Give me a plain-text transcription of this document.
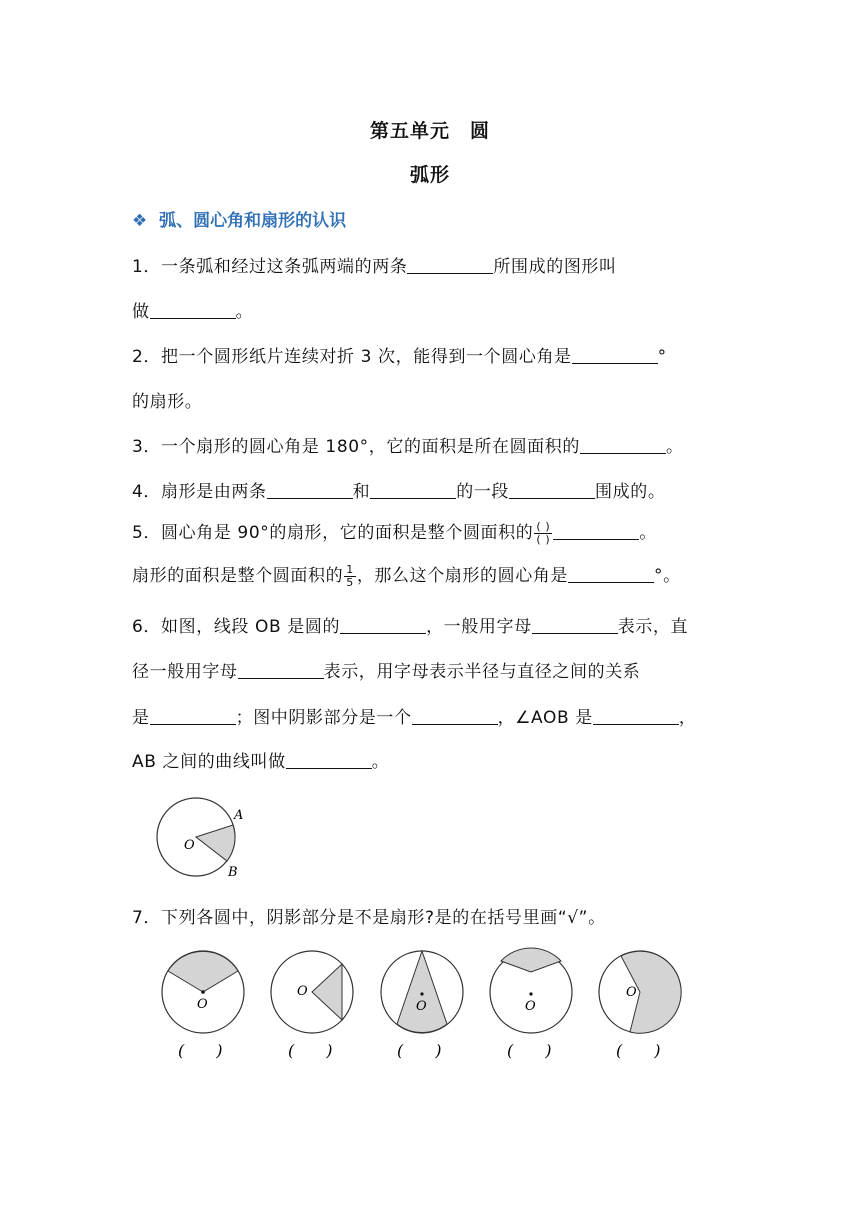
第五单元　圆
弧形
❖ 弧、圆心角和扇形的认识
1．一条弧和经过这条弧两端的两条	所围成的图形叫
做	。
2．把一个圆形纸片连续对折 3 次，能得到一个圆心角是	°
的扇形。
3．一个扇形的圆心角是 180°，它的面积是所在圆面积的	。
4．扇形是由两条	和	的一段	围成的。
5．圆心角是 90°的扇形，它的面积是整个圆面积的 $\frac{( )}{( )}$	。
扇形的面积是整个圆面积的 $\frac{1}{5}$ ，那么这个扇形的圆心角是	°。
6．如图，线段 OB 是圆的	，一般用字母	表示，直
径一般用字母	表示，用字母表示半径与直径之间的关系
是	；图中阴影部分是一个	，∠AOB 是	，
AB 之间的曲线叫做	。
O
A
B
7．下列各圆中，阴影部分是不是扇形?是的在括号里画“√”。
O
O
O	O
O
(　　)	(　　)	(　　)	(　　)	(　　)
